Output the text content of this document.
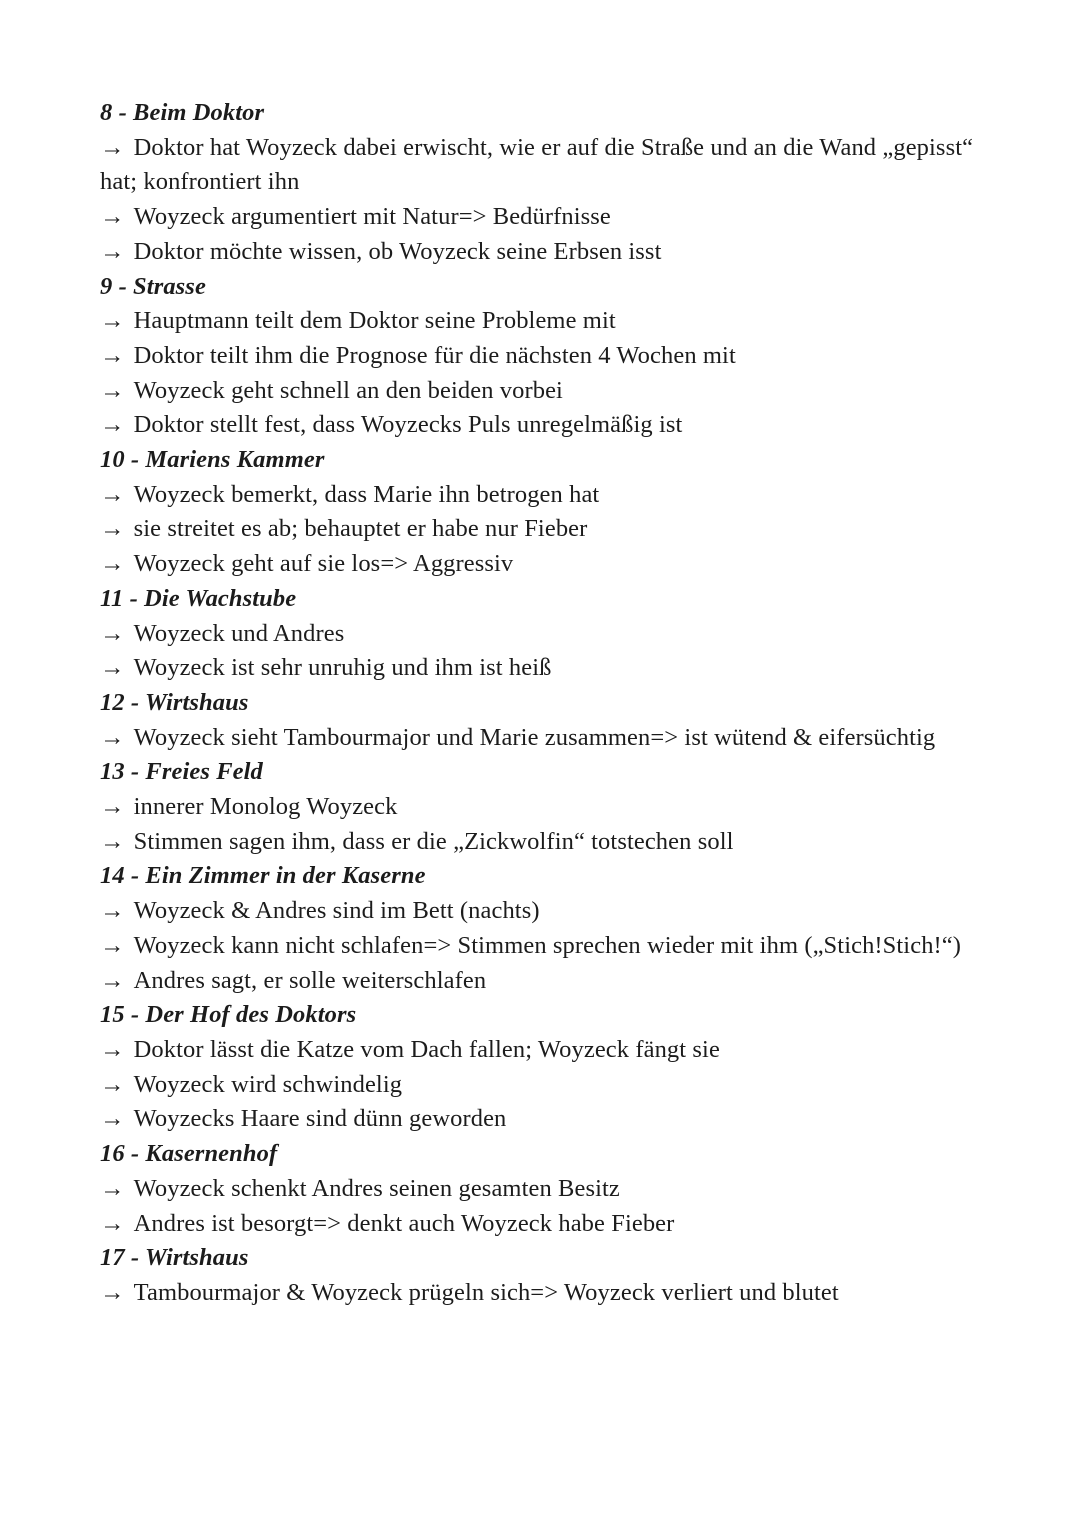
8 - Beim Doktor
→ Doktor hat Woyzeck dabei erwischt, wie er auf die Straße und an die Wand „gepisst“ hat; konfrontiert ihn
→ Woyzeck argumentiert mit Natur=> Bedürfnisse
→ Doktor möchte wissen, ob Woyzeck seine Erbsen isst
9 - Strasse
→ Hauptmann teilt dem Doktor seine Probleme mit
→ Doktor teilt ihm die Prognose für die nächsten 4 Wochen mit
→ Woyzeck geht schnell an den beiden vorbei
→ Doktor stellt fest, dass Woyzecks Puls unregelmäßig ist
10 - Mariens Kammer
→ Woyzeck bemerkt, dass Marie ihn betrogen hat
→ sie streitet es ab; behauptet er habe nur Fieber
→ Woyzeck geht auf sie los=> Aggressiv
11 - Die Wachstube
→ Woyzeck und Andres
→ Woyzeck ist sehr unruhig und ihm ist heiß
12 - Wirtshaus
→ Woyzeck sieht Tambourmajor und Marie zusammen=> ist wütend & eifersüchtig
13 - Freies Feld
→ innerer Monolog Woyzeck
→ Stimmen sagen ihm, dass er die „Zickwolfin“ totstechen soll
14 - Ein Zimmer in der Kaserne
→ Woyzeck & Andres sind im Bett (nachts)
→ Woyzeck kann nicht schlafen=> Stimmen sprechen wieder mit ihm („Stich!Stich!“)
→ Andres sagt, er solle weiterschlafen
15 - Der Hof des Doktors
→ Doktor lässt die Katze vom Dach fallen; Woyzeck fängt sie
→ Woyzeck wird schwindelig
→ Woyzecks Haare sind dünn geworden
16 - Kasernenhof
→ Woyzeck schenkt Andres seinen gesamten Besitz
→ Andres ist besorgt=> denkt auch Woyzeck habe Fieber
17 - Wirtshaus
→ Tambourmajor & Woyzeck prügeln sich=> Woyzeck verliert und blutet
